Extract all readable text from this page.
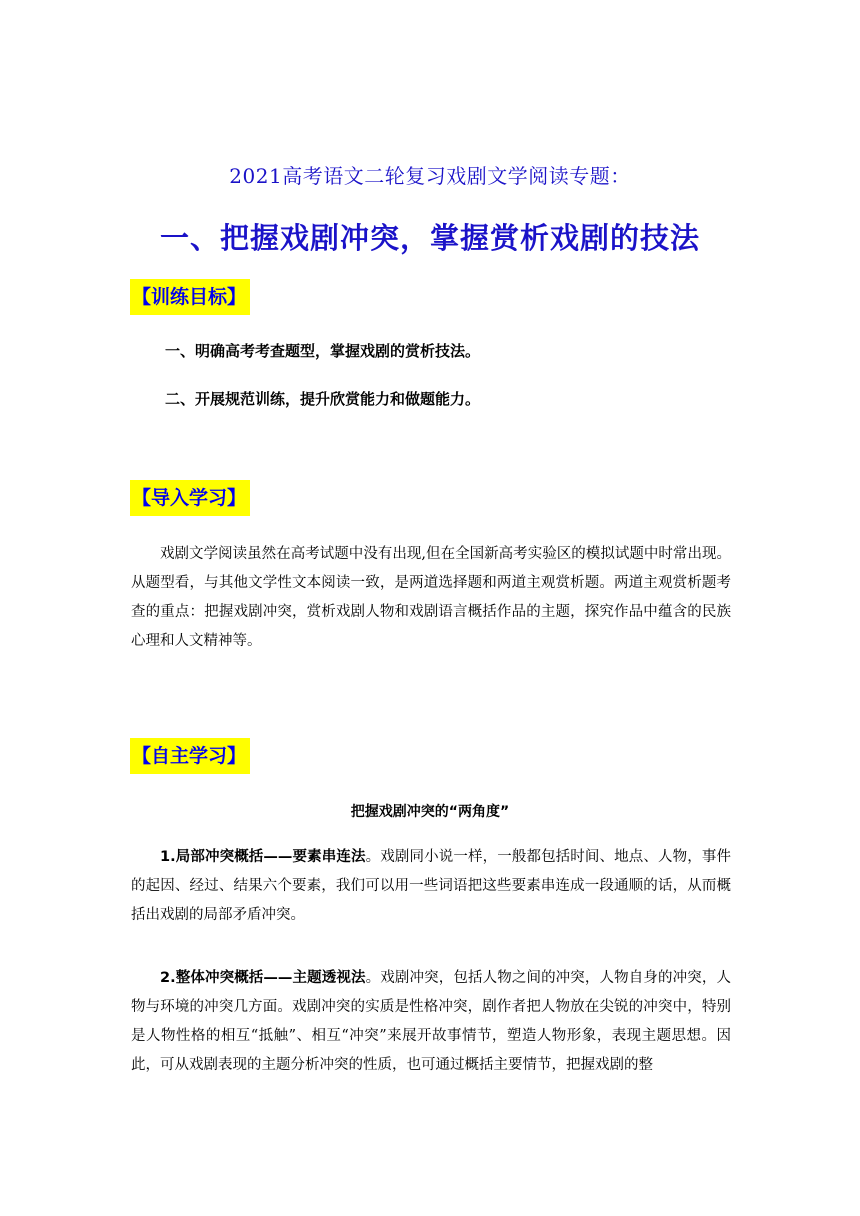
2021高考语文二轮复习戏剧文学阅读专题：
一、把握戏剧冲突，掌握赏析戏剧的技法
【训练目标】
一、明确高考考查题型，掌握戏剧的赏析技法。
二、开展规范训练，提升欣赏能力和做题能力。
【导入学习】
戏剧文学阅读虽然在高考试题中没有出现,但在全国新高考实验区的模拟试题中时常出现。从题型看，与其他文学性文本阅读一致，是两道选择题和两道主观赏析题。两道主观赏析题考查的重点：把握戏剧冲突，赏析戏剧人物和戏剧语言概括作品的主题，探究作品中蕴含的民族心理和人文精神等。
【自主学习】
把握戏剧冲突的“两角度”
1.局部冲突概括——要素串连法。戏剧同小说一样，一般都包括时间、地点、人物，事件的起因、经过、结果六个要素，我们可以用一些词语把这些要素串连成一段通顺的话，从而概括出戏剧的局部矛盾冲突。
2.整体冲突概括——主题透视法。戏剧冲突，包括人物之间的冲突，人物自身的冲突，人物与环境的冲突几方面。戏剧冲突的实质是性格冲突，剧作者把人物放在尖锐的冲突中，特别是人物性格的相互“抵触”、相互“冲突”来展开故事情节，塑造人物形象，表现主题思想。因此，可从戏剧表现的主题分析冲突的性质，也可通过概括主要情节，把握戏剧的整
